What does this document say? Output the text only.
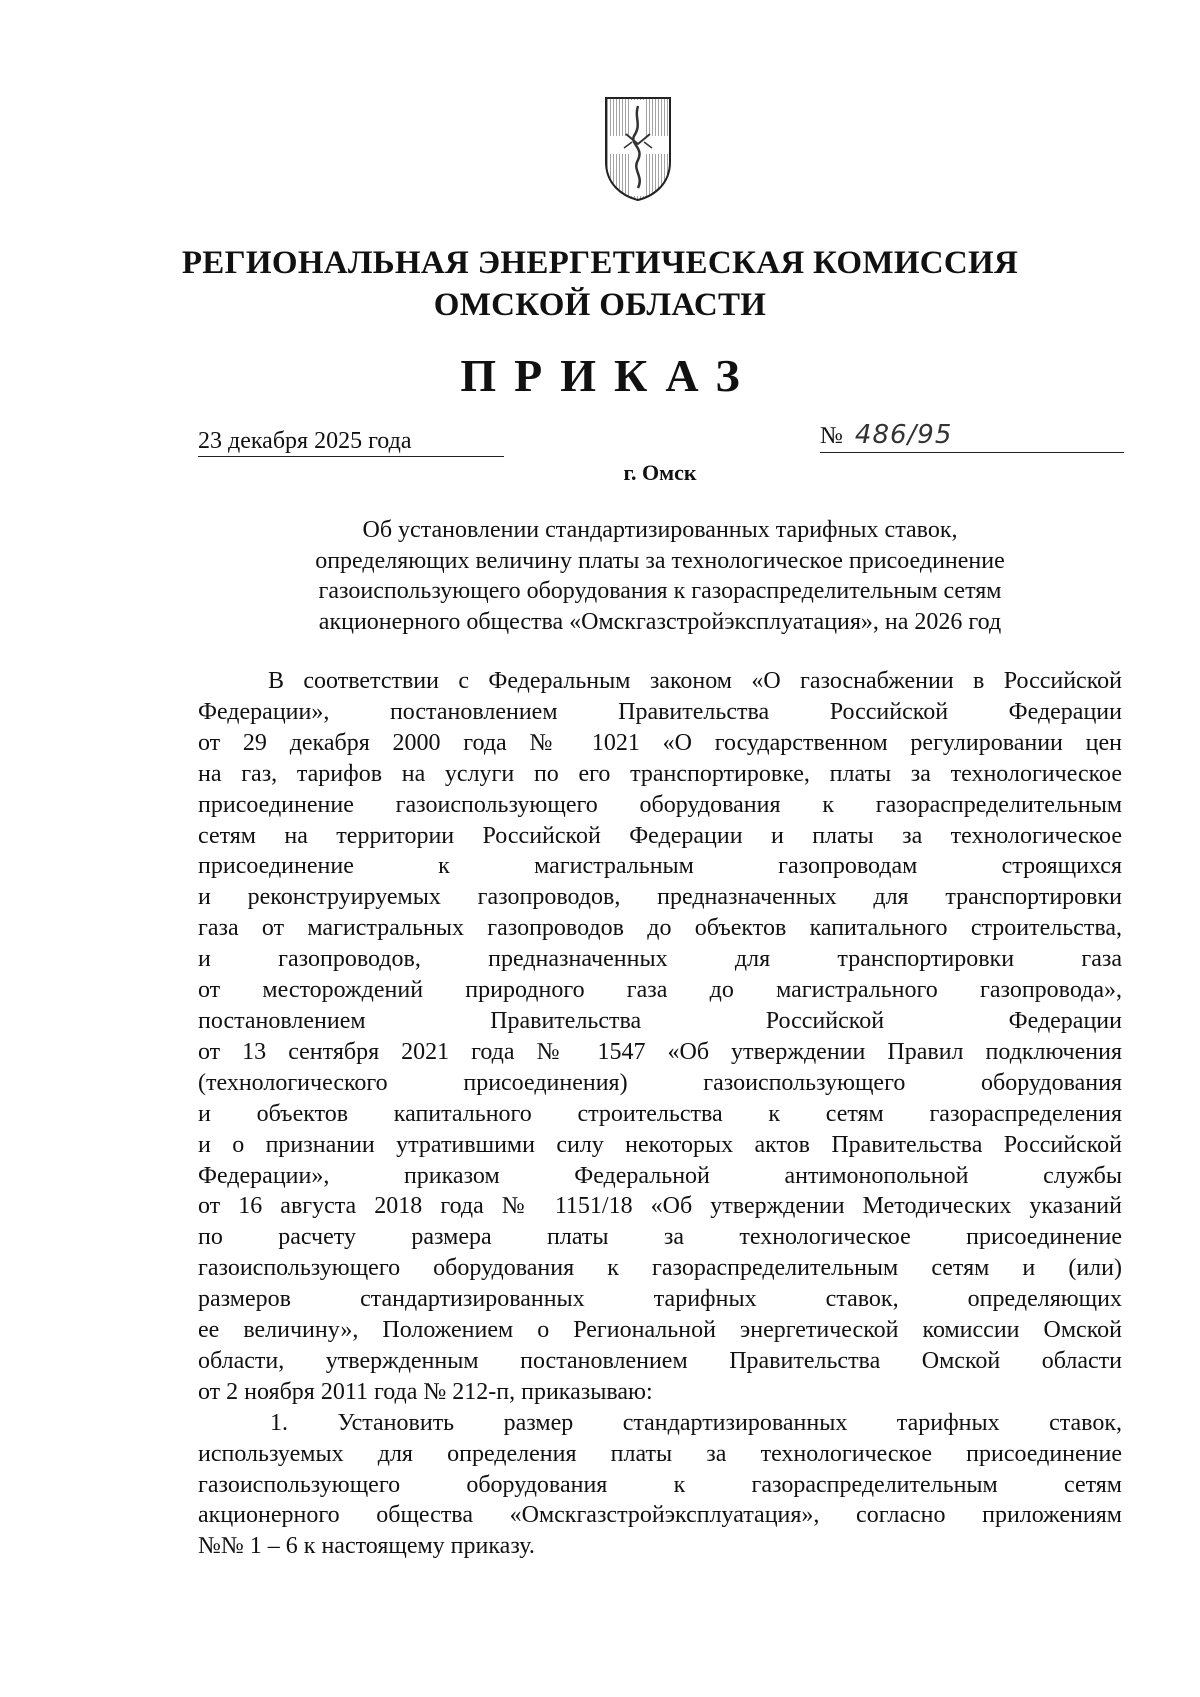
РЕГИОНАЛЬНАЯ ЭНЕРГЕТИЧЕСКАЯ КОМИССИЯ
ОМСКОЙ ОБЛАСТИ
ПРИКАЗ
23 декабря 2025 года	№ 486/95
г. Омск
Об установлении стандартизированных тарифных ставок,
определяющих величину платы за технологическое присоединение
газоиспользующего оборудования к газораспределительным сетям
акционерного общества «Омскгазстройэксплуатация», на 2026 год
В соответствии с Федеральным законом «О газоснабжении в Российской
Федерации», постановлением Правительства Российской Федерации
от 29 декабря 2000 года № 1021 «О государственном регулировании цен
на газ, тарифов на услуги по его транспортировке, платы за технологическое
присоединение газоиспользующего оборудования к газораспределительным
сетям на территории Российской Федерации и платы за технологическое
присоединение к магистральным газопроводам строящихся
и реконструируемых газопроводов, предназначенных для транспортировки
газа от магистральных газопроводов до объектов капитального строительства,
и газопроводов, предназначенных для транспортировки газа
от месторождений природного газа до магистрального газопровода»,
постановлением Правительства Российской Федерации
от 13 сентября 2021 года № 1547 «Об утверждении Правил подключения
(технологического присоединения) газоиспользующего оборудования
и объектов капитального строительства к сетям газораспределения
и о признании утратившими силу некоторых актов Правительства Российской
Федерации», приказом Федеральной антимонопольной службы
от 16 августа 2018 года № 1151/18 «Об утверждении Методических указаний
по расчету размера платы за технологическое присоединение
газоиспользующего оборудования к газораспределительным сетям и (или)
размеров стандартизированных тарифных ставок, определяющих
ее величину», Положением о Региональной энергетической комиссии Омской
области, утвержденным постановлением Правительства Омской области
от 2 ноября 2011 года № 212-п, приказываю:
1. Установить размер стандартизированных тарифных ставок,
используемых для определения платы за технологическое присоединение
газоиспользующего оборудования к газораспределительным сетям
акционерного общества «Омскгазстройэксплуатация», согласно приложениям
№№ 1 – 6 к настоящему приказу.
